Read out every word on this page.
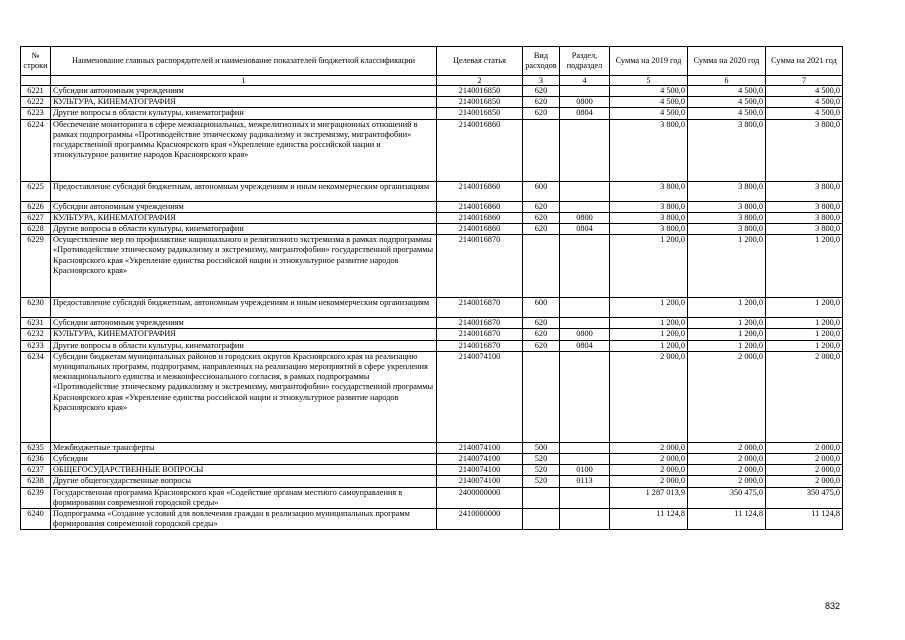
№ строки	Наименование главных распорядителей и наименование показателей бюджетной классификации	Целевая статья	Вид расходов	Раздел, подраздел	Сумма на 2019 год	Сумма на 2020 год	Сумма на 2021 год
	1	2	3	4	5	6	7
6221	Субсидии автономным учреждениям	2140016850	620		4 500,0	4 500,0	4 500,0
6222	КУЛЬТУРА, КИНЕМАТОГРАФИЯ	2140016850	620	0800	4 500,0	4 500,0	4 500,0
6223	Другие вопросы в области культуры, кинематографии	2140016850	620	0804	4 500,0	4 500,0	4 500,0
6224	Обеспечение мониторинга в сфере межнациональных, межрелигиозных и миграционных отношений в рамках подпрограммы «Противодействие этническому радикализму и экстремизму, мигрантофобии» государственной программы Красноярского края «Укрепление единства российской нации и этнокультурное развитие народов Красноярского края»	2140016860			3 800,0	3 800,0	3 800,0
6225	Предоставление субсидий бюджетным, автономным учреждениям и иным некоммерческим организациям	2140016860	600		3 800,0	3 800,0	3 800,0
6226	Субсидии автономным учреждениям	2140016860	620		3 800,0	3 800,0	3 800,0
6227	КУЛЬТУРА, КИНЕМАТОГРАФИЯ	2140016860	620	0800	3 800,0	3 800,0	3 800,0
6228	Другие вопросы в области культуры, кинематографии	2140016860	620	0804	3 800,0	3 800,0	3 800,0
6229	Осуществление мер по профилактике национального и религиозного экстремизма в рамках подпрограммы «Противодействие этническому радикализму и экстремизму, мигрантофобии» государственной программы Красноярского края «Укрепление единства российской нации и этнокультурное развитие народов Красноярского края»	2140016870			1 200,0	1 200,0	1 200,0
6230	Предоставление субсидий бюджетным, автономным учреждениям и иным некоммерческим организациям	2140016870	600		1 200,0	1 200,0	1 200,0
6231	Субсидии автономным учреждениям	2140016870	620		1 200,0	1 200,0	1 200,0
6232	КУЛЬТУРА, КИНЕМАТОГРАФИЯ	2140016870	620	0800	1 200,0	1 200,0	1 200,0
6233	Другие вопросы в области культуры, кинематографии	2140016870	620	0804	1 200,0	1 200,0	1 200,0
6234	Субсидии бюджетам муниципальных районов и городских округов Красноярского края на реализацию муниципальных программ, подпрограмм, направленных на реализацию мероприятий в сфере укрепления межнационального единства и межконфессионального согласия, в рамках подпрограммы «Противодействие этническому радикализму и экстремизму, мигрантофобии» государственной программы Красноярского края «Укрепление единства российской нации и этнокультурное развитие народов Красноярского края»	2140074100			2 000,0	2 000,0	2 000,0
6235	Межбюджетные трансферты	2140074100	500		2 000,0	2 000,0	2 000,0
6236	Субсидии	2140074100	520		2 000,0	2 000,0	2 000,0
6237	ОБЩЕГОСУДАРСТВЕННЫЕ ВОПРОСЫ	2140074100	520	0100	2 000,0	2 000,0	2 000,0
6238	Другие общегосударственные вопросы	2140074100	520	0113	2 000,0	2 000,0	2 000,0
6239	Государственная программа Красноярского края «Содействие органам местного самоуправления в формировании современной городской среды»	2400000000			1 287 013,9	350 475,0	350 475,0
6240	Подпрограмма «Создание условий для вовлечения граждан в реализацию муниципальных программ формирования современной городской среды»	2410000000			11 124,8	11 124,8	11 124,8
832
